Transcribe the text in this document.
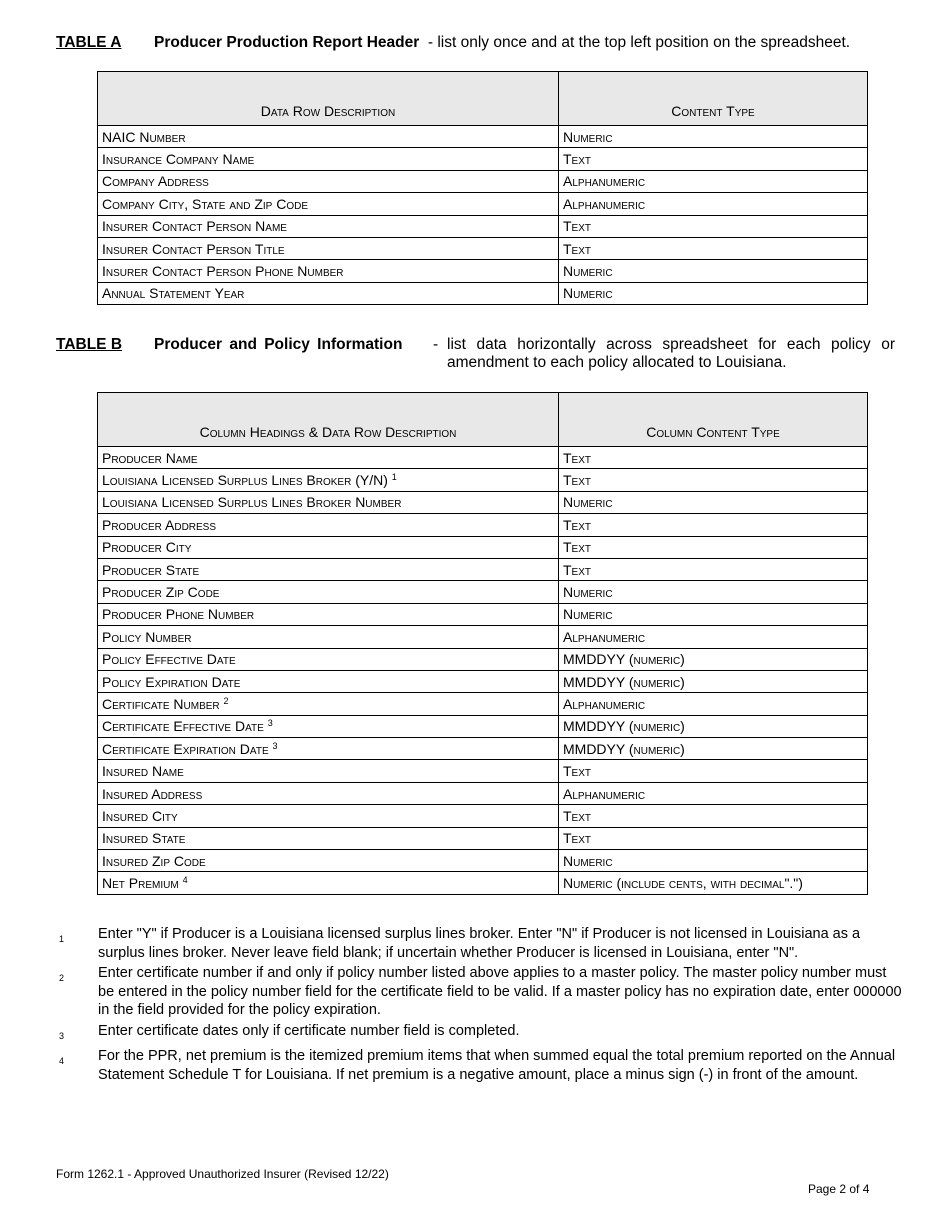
TABLE A Producer Production Report Header - list only once and at the top left position on the spreadsheet.
Data Row Description	Content Type
NAIC Number	Numeric
Insurance Company Name	Text
Company Address	Alphanumeric
Company City, State and Zip Code	Alphanumeric
Insurer Contact Person Name	Text
Insurer Contact Person Title	Text
Insurer Contact Person Phone Number	Numeric
Annual Statement Year	Numeric
TABLE B Producer and Policy Information - list data horizontally across spreadsheet for each policy or amendment to each policy allocated to Louisiana.
Column Headings & Data Row Description	Column Content Type
Producer Name	Text
Louisiana Licensed Surplus Lines Broker (Y/N) $^1$	Text
Louisiana Licensed Surplus Lines Broker Number	Numeric
Producer Address	Text
Producer City	Text
Producer State	Text
Producer Zip Code	Numeric
Producer Phone Number	Numeric
Policy Number	Alphanumeric
Policy Effective Date	MMDDYY (numeric)
Policy Expiration Date	MMDDYY (numeric)
Certificate Number $^2$	Alphanumeric
Certificate Effective Date $^3$	MMDDYY (numeric)
Certificate Expiration Date $^3$	MMDDYY (numeric)
Insured Name	Text
Insured Address	Alphanumeric
Insured City	Text
Insured State	Text
Insured Zip Code	Numeric
Net Premium $^4$	Numeric (include cents, with decimal".")
1	Enter "Y" if Producer is a Louisiana licensed surplus lines broker. Enter "N" if Producer is not licensed in Louisiana as a surplus lines broker. Never leave field blank; if uncertain whether Producer is licensed in Louisiana, enter "N".
2	Enter certificate number if and only if policy number listed above applies to a master policy. The master policy number must be entered in the policy number field for the certificate field to be valid. If a master policy has no expiration date, enter 000000 in the field provided for the policy expiration.
3	Enter certificate dates only if certificate number field is completed.
4	For the PPR, net premium is the itemized premium items that when summed equal the total premium reported on the Annual Statement Schedule T for Louisiana. If net premium is a negative amount, place a minus sign (-) in front of the amount.
Form 1262.1 - Approved Unauthorized Insurer (Revised 12/22)
Page 2 of 4
